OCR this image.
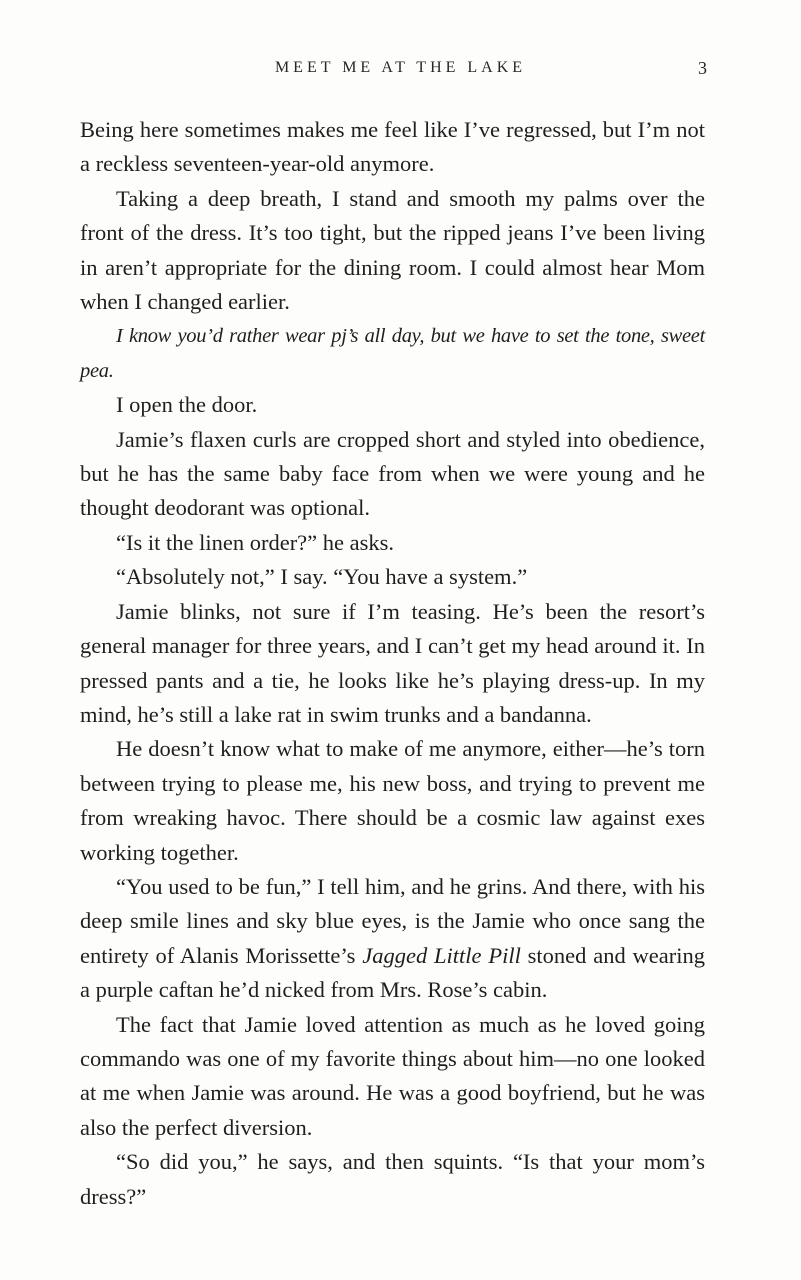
MEET ME AT THE LAKE	3

Being here sometimes makes me feel like I’ve regressed, but I’m not a reckless seventeen-year-old anymore.

Taking a deep breath, I stand and smooth my palms over the front of the dress. It’s too tight, but the ripped jeans I’ve been living in aren’t appropriate for the dining room. I could almost hear Mom when I changed earlier.

I know you’d rather wear pj’s all day, but we have to set the tone, sweet pea.

I open the door.

Jamie’s flaxen curls are cropped short and styled into obedience, but he has the same baby face from when we were young and he thought deodorant was optional.

“Is it the linen order?” he asks.

“Absolutely not,” I say. “You have a system.”

Jamie blinks, not sure if I’m teasing. He’s been the resort’s general manager for three years, and I can’t get my head around it. In pressed pants and a tie, he looks like he’s playing dress-up. In my mind, he’s still a lake rat in swim trunks and a bandanna.

He doesn’t know what to make of me anymore, either—he’s torn between trying to please me, his new boss, and trying to prevent me from wreaking havoc. There should be a cosmic law against exes working together.

“You used to be fun,” I tell him, and he grins. And there, with his deep smile lines and sky blue eyes, is the Jamie who once sang the entirety of Alanis Morissette’s Jagged Little Pill stoned and wearing a purple caftan he’d nicked from Mrs. Rose’s cabin.

The fact that Jamie loved attention as much as he loved going commando was one of my favorite things about him—no one looked at me when Jamie was around. He was a good boyfriend, but he was also the perfect diversion.

“So did you,” he says, and then squints. “Is that your mom’s dress?”
